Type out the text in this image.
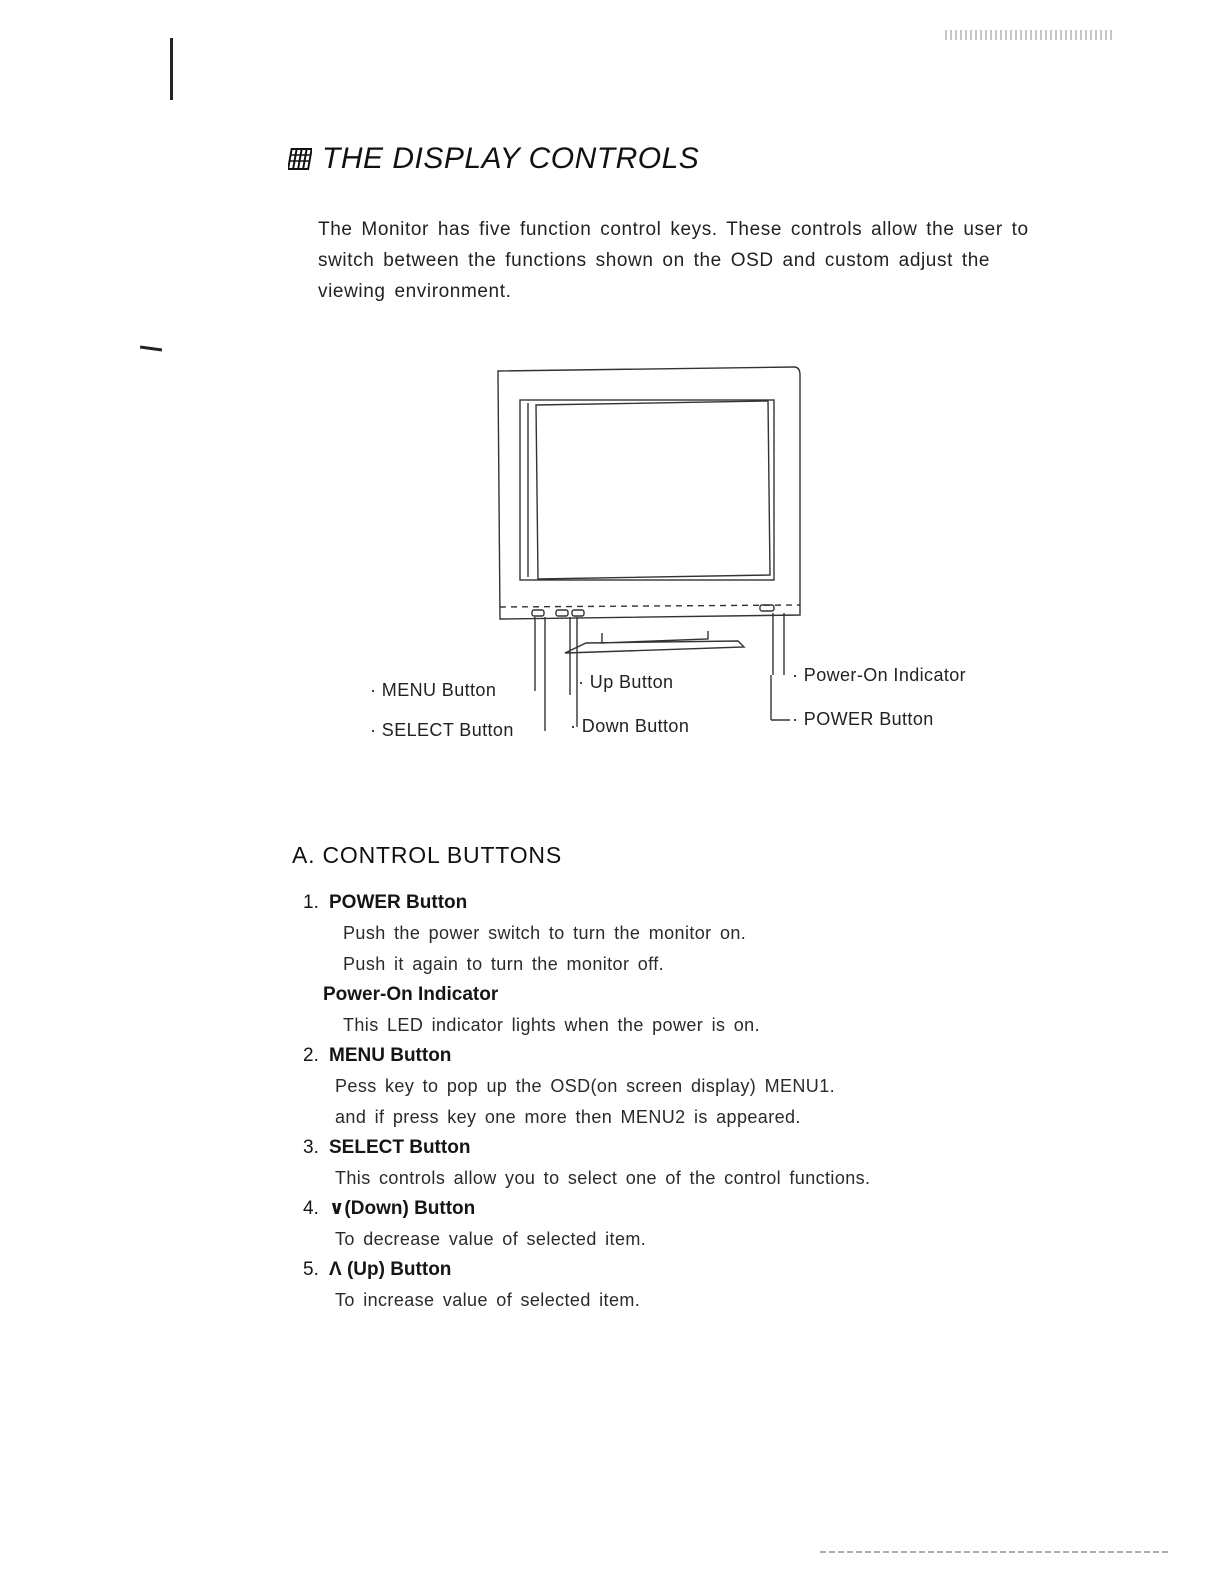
THE DISPLAY CONTROLS
The Monitor has five function control keys. These controls allow the user to switch between the functions shown on the OSD and custom adjust the viewing environment.
· MENU Button
· SELECT Button
· Up Button
· Down Button
· Power-On Indicator
· POWER Button
A. CONTROL BUTTONS
1. POWER Button
Push the power switch to turn the monitor on.
Push it again to turn the monitor off.
Power-On Indicator
This LED indicator lights when the power is on.
2. MENU Button
Pess key to pop up the OSD(on screen display) MENU1.
and if press key one more then MENU2 is appeared.
3. SELECT Button
This controls allow you to select one of the control functions.
4. ∨(Down) Button
To decrease value of selected item.
5. Λ (Up) Button
To increase value of selected item.
